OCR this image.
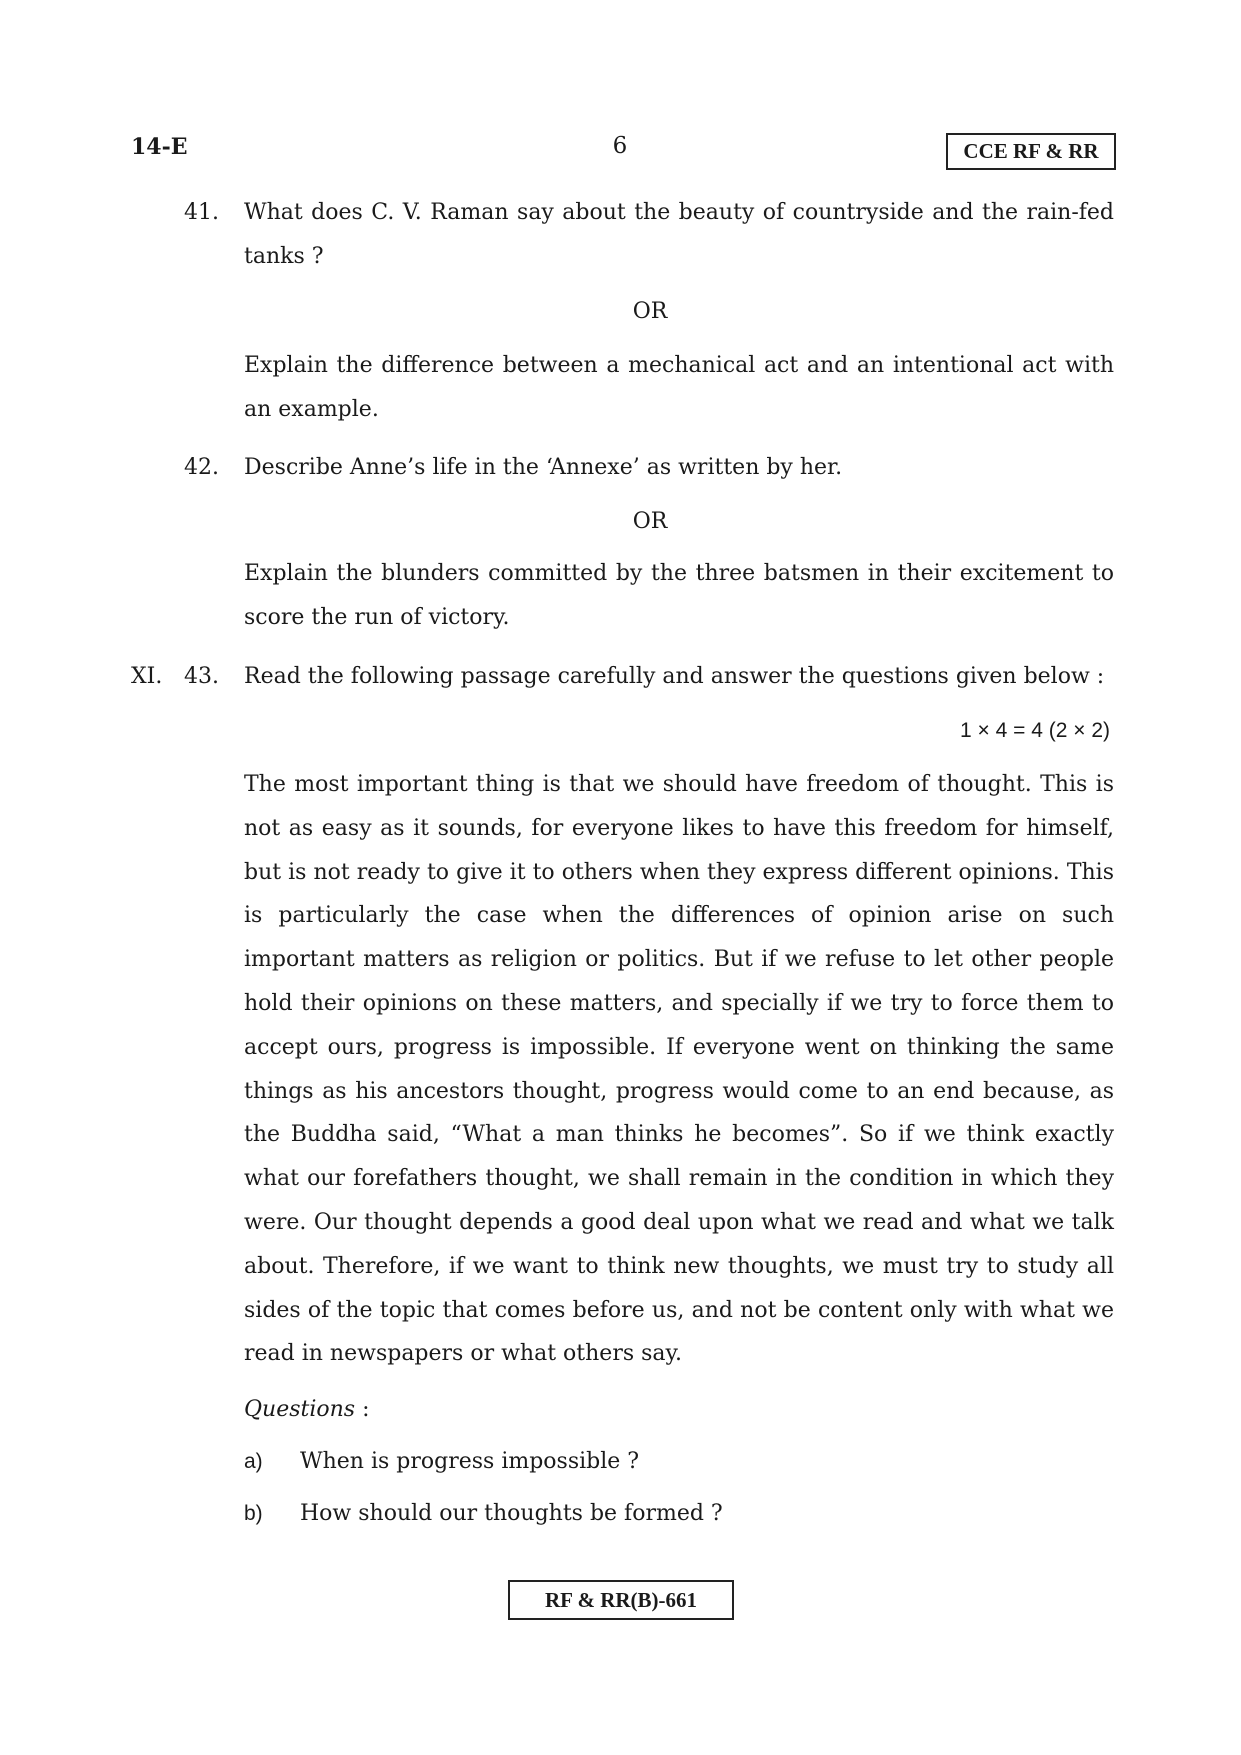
14-E	6	CCE RF & RR
41. What does C. V. Raman say about the beauty of countryside and the rain-fed tanks ?
OR
Explain the difference between a mechanical act and an intentional act with an example.
42. Describe Anne’s life in the ‘Annexe’ as written by her.
OR
Explain the blunders committed by the three batsmen in their excitement to score the run of victory.
XI. 43. Read the following passage carefully and answer the questions given below :
1 × 4 = 4 (2 × 2)
The most important thing is that we should have freedom of thought. This is not as easy as it sounds, for everyone likes to have this freedom for himself, but is not ready to give it to others when they express different opinions. This is particularly the case when the differences of opinion arise on such important matters as religion or politics. But if we refuse to let other people hold their opinions on these matters, and specially if we try to force them to accept ours, progress is impossible. If everyone went on thinking the same things as his ancestors thought, progress would come to an end because, as the Buddha said, “What a man thinks he becomes”. So if we think exactly what our forefathers thought, we shall remain in the condition in which they were. Our thought depends a good deal upon what we read and what we talk about. Therefore, if we want to think new thoughts, we must try to study all sides of the topic that comes before us, and not be content only with what we read in newspapers or what others say.
Questions :
a) When is progress impossible ?
b) How should our thoughts be formed ?
RF & RR(B)-661
